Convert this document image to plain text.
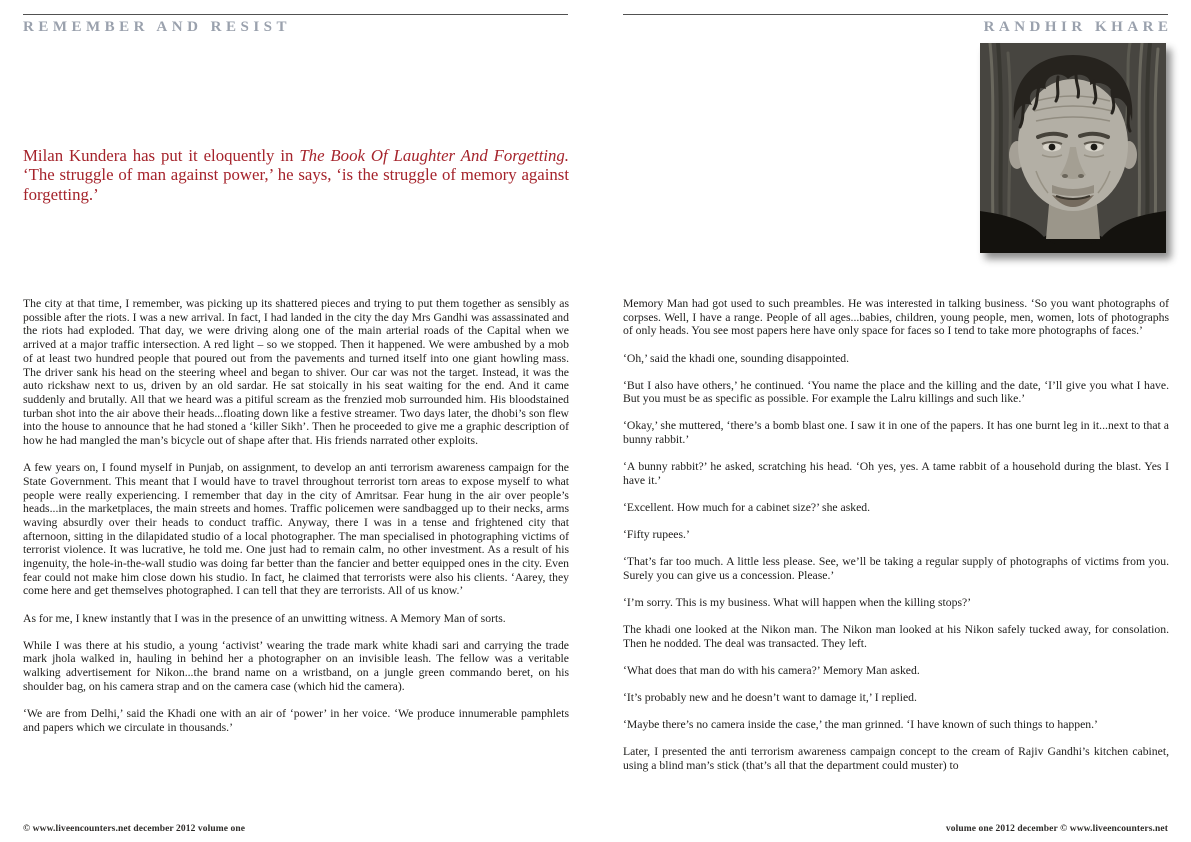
REMEMBER AND RESIST
Milan Kundera has put it eloquently in The Book Of Laughter And Forgetting. ‘The struggle of man against power,’ he says, ‘is the struggle of memory against forgetting.’

The city at that time, I remember, was picking up its shattered pieces and trying to put them together as sensibly as possible after the riots. I was a new arrival. In fact, I had landed in the city the day Mrs Gandhi was assassinated and the riots had exploded. That day, we were driving along one of the main arterial roads of the Capital when we arrived at a major traffic intersection. A red light – so we stopped. Then it happened. We were ambushed by a mob of at least two hundred people that poured out from the pavements and turned itself into one giant howling mass. The driver sank his head on the steering wheel and began to shiver. Our car was not the target. Instead, it was the auto rickshaw next to us, driven by an old sardar. He sat stoically in his seat waiting for the end. And it came suddenly and brutally. All that we heard was a pitiful scream as the frenzied mob surrounded him. His bloodstained turban shot into the air above their heads...floating down like a festive streamer. Two days later, the dhobi’s son flew into the house to announce that he had stoned a ‘killer Sikh’. Then he proceeded to give me a graphic description of how he had mangled the man’s bicycle out of shape after that. His friends narrated other exploits.

A few years on, I found myself in Punjab, on assignment, to develop an anti terrorism awareness campaign for the State Government. This meant that I would have to travel throughout terrorist torn areas to expose myself to what people were really experiencing. I remember that day in the city of Amritsar. Fear hung in the air over people’s heads...in the marketplaces, the main streets and homes. Traffic policemen were sandbagged up to their necks, arms waving absurdly over their heads to conduct traffic. Anyway, there I was in a tense and frightened city that afternoon, sitting in the dilapidated studio of a local photographer. The man specialised in photographing victims of terrorist violence. It was lucrative, he told me. One just had to remain calm, no other investment. As a result of his ingenuity, the hole-in-the-wall studio was doing far better than the fancier and better equipped ones in the city. Even fear could not make him close down his studio. In fact, he claimed that terrorists were also his clients. ‘Aarey, they come here and get themselves photographed. I can tell that they are terrorists. All of us know.’

As for me, I knew instantly that I was in the presence of an unwitting witness. A Memory Man of sorts.

While I was there at his studio, a young ‘activist’ wearing the trade mark white khadi sari and carrying the trade mark jhola walked in, hauling in behind her a photographer on an invisible leash. The fellow was a veritable walking advertisement for Nikon...the brand name on a wristband, on a jungle green commando beret, on his shoulder bag, on his camera strap and on the camera case (which hid the camera).

‘We are from Delhi,’ said the Khadi one with an air of ‘power’ in her voice. ‘We produce innumerable pamphlets and papers which we circulate in thousands.’

© www.liveencounters.net december 2012 volume one
RANDHIR KHARE

Memory Man had got used to such preambles. He was interested in talking business. ‘So you want photographs of corpses. Well, I have a range. People of all ages...babies, children, young people, men, women, lots of photographs of only heads. You see most papers here have only space for faces so I tend to take more photographs of faces.’

‘Oh,’ said the khadi one, sounding disappointed.

‘But I also have others,’ he continued. ‘You name the place and the killing and the date, ‘I’ll give you what I have. But you must be as specific as possible. For example the Lalru killings and such like.’

‘Okay,’ she muttered, ‘there’s a bomb blast one. I saw it in one of the papers. It has one burnt leg in it...next to that a bunny rabbit.’

‘A bunny rabbit?’ he asked, scratching his head. ‘Oh yes, yes. A tame rabbit of a household during the blast. Yes I have it.’

‘Excellent. How much for a cabinet size?’ she asked.

‘Fifty rupees.’

‘That’s far too much. A little less please. See, we’ll be taking a regular supply of photographs of victims from you. Surely you can give us a concession. Please.’

‘I’m sorry. This is my business. What will happen when the killing stops?’

The khadi one looked at the Nikon man. The Nikon man looked at his Nikon safely tucked away, for consolation. Then he nodded. The deal was transacted. They left.

‘What does that man do with his camera?’ Memory Man asked.

‘It’s probably new and he doesn’t want to damage it,’ I replied.

‘Maybe there’s no camera inside the case,’ the man grinned. ‘I have known of such things to happen.’

Later, I presented the anti terrorism awareness campaign concept to the cream of Rajiv Gandhi’s kitchen cabinet, using a blind man’s stick (that’s all that the department could muster) to

volume one 2012 december © www.liveencounters.net
